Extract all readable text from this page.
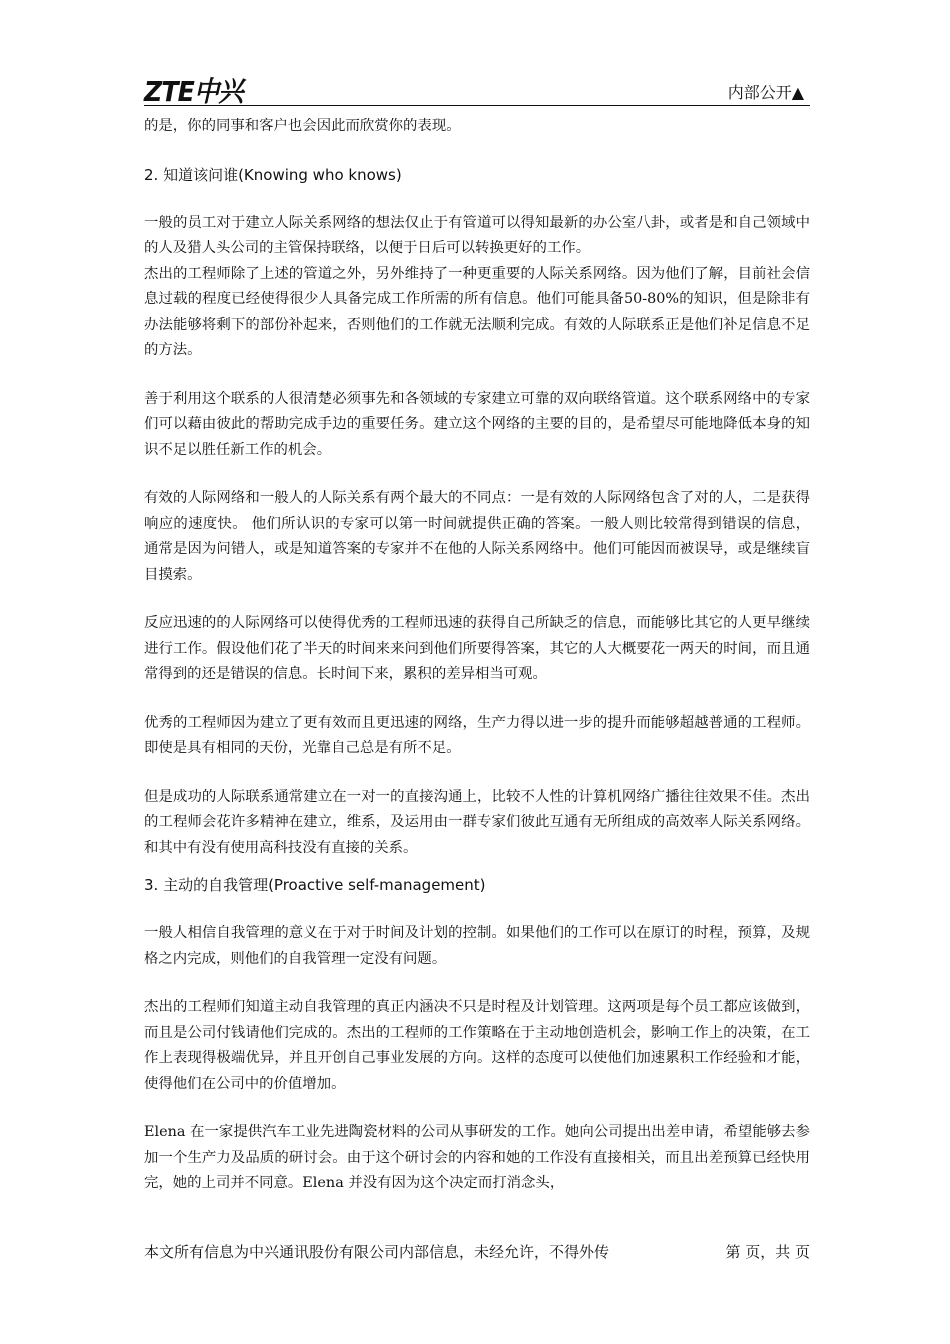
ZTE中兴	内部公开▲

的是，你的同事和客户也会因此而欣赏你的表现。

2. 知道该问谁(Knowing who knows)

一般的员工对于建立人际关系网络的想法仅止于有管道可以得知最新的办公室八卦，或者是和自己领域中的人及猎人头公司的主管保持联络，以便于日后可以转换更好的工作。

杰出的工程师除了上述的管道之外，另外维持了一种更重要的人际关系网络。因为他们了解，目前社会信息过载的程度已经使得很少人具备完成工作所需的所有信息。他们可能具备50-80%的知识，但是除非有办法能够将剩下的部份补起来，否则他们的工作就无法顺利完成。有效的人际联系正是他们补足信息不足的方法。

善于利用这个联系的人很清楚必须事先和各领域的专家建立可靠的双向联络管道。这个联系网络中的专家们可以藉由彼此的帮助完成手边的重要任务。建立这个网络的主要的目的，是希望尽可能地降低本身的知识不足以胜任新工作的机会。

有效的人际网络和一般人的人际关系有两个最大的不同点：一是有效的人际网络包含了对的人，二是获得响应的速度快。 他们所认识的专家可以第一时间就提供正确的答案。一般人则比较常得到错误的信息，通常是因为问错人，或是知道答案的专家并不在他的人际关系网络中。他们可能因而被误导，或是继续盲目摸索。

反应迅速的的人际网络可以使得优秀的工程师迅速的获得自己所缺乏的信息，而能够比其它的人更早继续进行工作。假设他们花了半天的时间来来问到他们所要得答案，其它的人大概要花一两天的时间，而且通常得到的还是错误的信息。长时间下来，累积的差异相当可观。

优秀的工程师因为建立了更有效而且更迅速的网络，生产力得以进一步的提升而能够超越普通的工程师。即使是具有相同的天份，光靠自己总是有所不足。

但是成功的人际联系通常建立在一对一的直接沟通上，比较不人性的计算机网络广播往往效果不佳。杰出的工程师会花许多精神在建立，维系，及运用由一群专家们彼此互通有无所组成的高效率人际关系网络。和其中有没有使用高科技没有直接的关系。

3. 主动的自我管理(Proactive self-management)

一般人相信自我管理的意义在于对于时间及计划的控制。如果他们的工作可以在原订的时程，预算，及规格之内完成，则他们的自我管理一定没有问题。

杰出的工程师们知道主动自我管理的真正内涵决不只是时程及计划管理。这两项是每个员工都应该做到，而且是公司付钱请他们完成的。杰出的工程师的工作策略在于主动地创造机会，影响工作上的决策，在工作上表现得极端优异，并且开创自己事业发展的方向。这样的态度可以使他们加速累积工作经验和才能，使得他们在公司中的价值增加。

Elena 在一家提供汽车工业先进陶瓷材料的公司从事研发的工作。她向公司提出出差申请，希望能够去参加一个生产力及品质的研讨会。由于这个研讨会的内容和她的工作没有直接相关，而且出差预算已经快用完，她的上司并不同意。Elena 并没有因为这个决定而打消念头，

本文所有信息为中兴通讯股份有限公司内部信息，未经允许，不得外传	第 页，共 页
